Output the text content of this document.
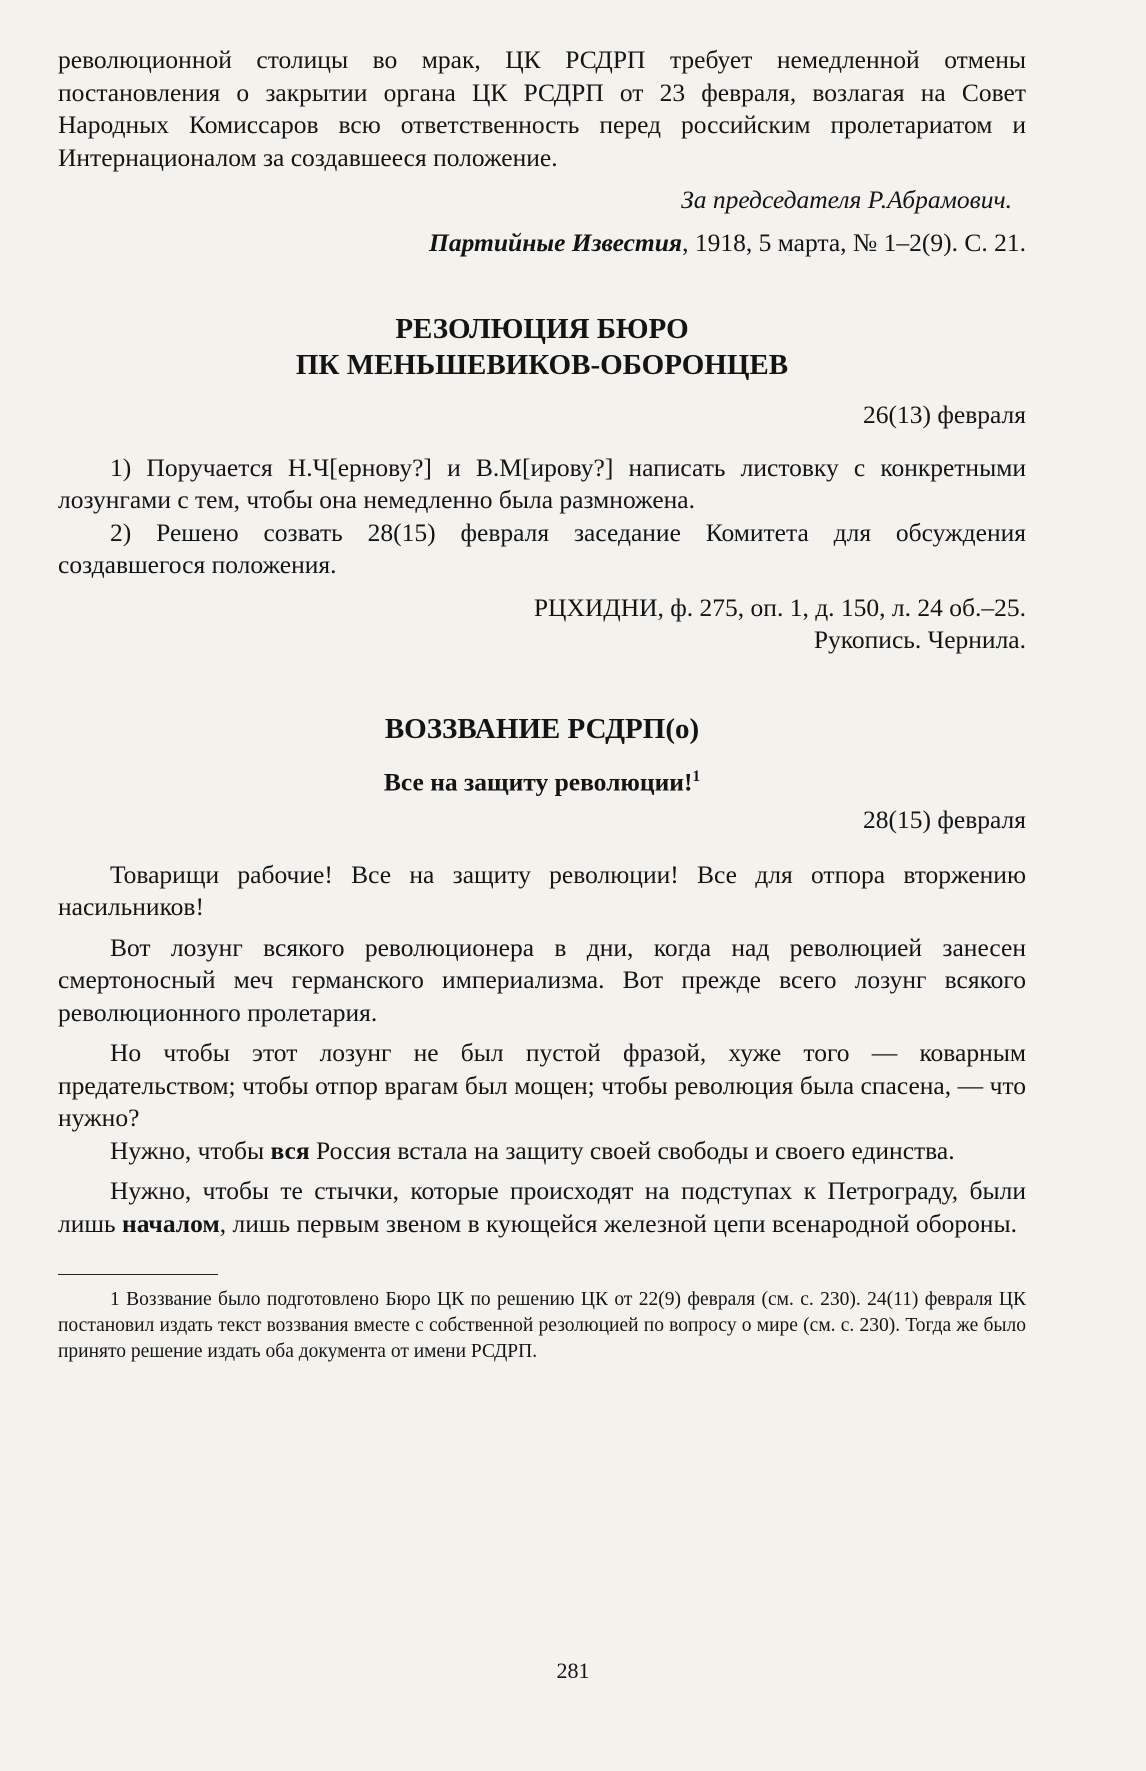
революционной столицы во мрак, ЦК РСДРП требует немедленной отмены постановления о закрытии органа ЦК РСДРП от 23 февраля, возлагая на Совет Народных Комиссаров всю ответственность перед российским пролетариатом и Интернационалом за создавшееся положение.

За председателя Р.Абрамович.

Партийные Известия, 1918, 5 марта, № 1–2(9). С. 21.

РЕЗОЛЮЦИЯ БЮРО
ПК МЕНЬШЕВИКОВ-ОБОРОНЦЕВ

26(13) февраля

1) Поручается Н.Ч[ернову?] и В.М[ирову?] написать листовку с конкретными лозунгами с тем, чтобы она немедленно была размножена.

2) Решено созвать 28(15) февраля заседание Комитета для обсуждения создавшегося положения.

РЦХИДНИ, ф. 275, оп. 1, д. 150, л. 24 об.–25.

Рукопись. Чернила.

ВОЗЗВАНИЕ РСДРП(о)

Все на защиту революции!$^1$

28(15) февраля

Товарищи рабочие! Все на защиту революции! Все для отпора вторжению насильников!

Вот лозунг всякого революционера в дни, когда над революцией занесен смертоносный меч германского империализма. Вот прежде всего лозунг всякого революционного пролетария.

Но чтобы этот лозунг не был пустой фразой, хуже того — коварным предательством; чтобы отпор врагам был мощен; чтобы революция была спасена, — что нужно?

Нужно, чтобы вся Россия встала на защиту своей свободы и своего единства.

Нужно, чтобы те стычки, которые происходят на подступах к Петрограду, были лишь началом, лишь первым звеном в кующейся железной цепи всенародной обороны.

1 Воззвание было подготовлено Бюро ЦК по решению ЦК от 22(9) февраля (см. с. 230). 24(11) февраля ЦК постановил издать текст воззвания вместе с собственной резолюцией по вопросу о мире (см. с. 230). Тогда же было принято решение издать оба документа от имени РСДРП.

281
